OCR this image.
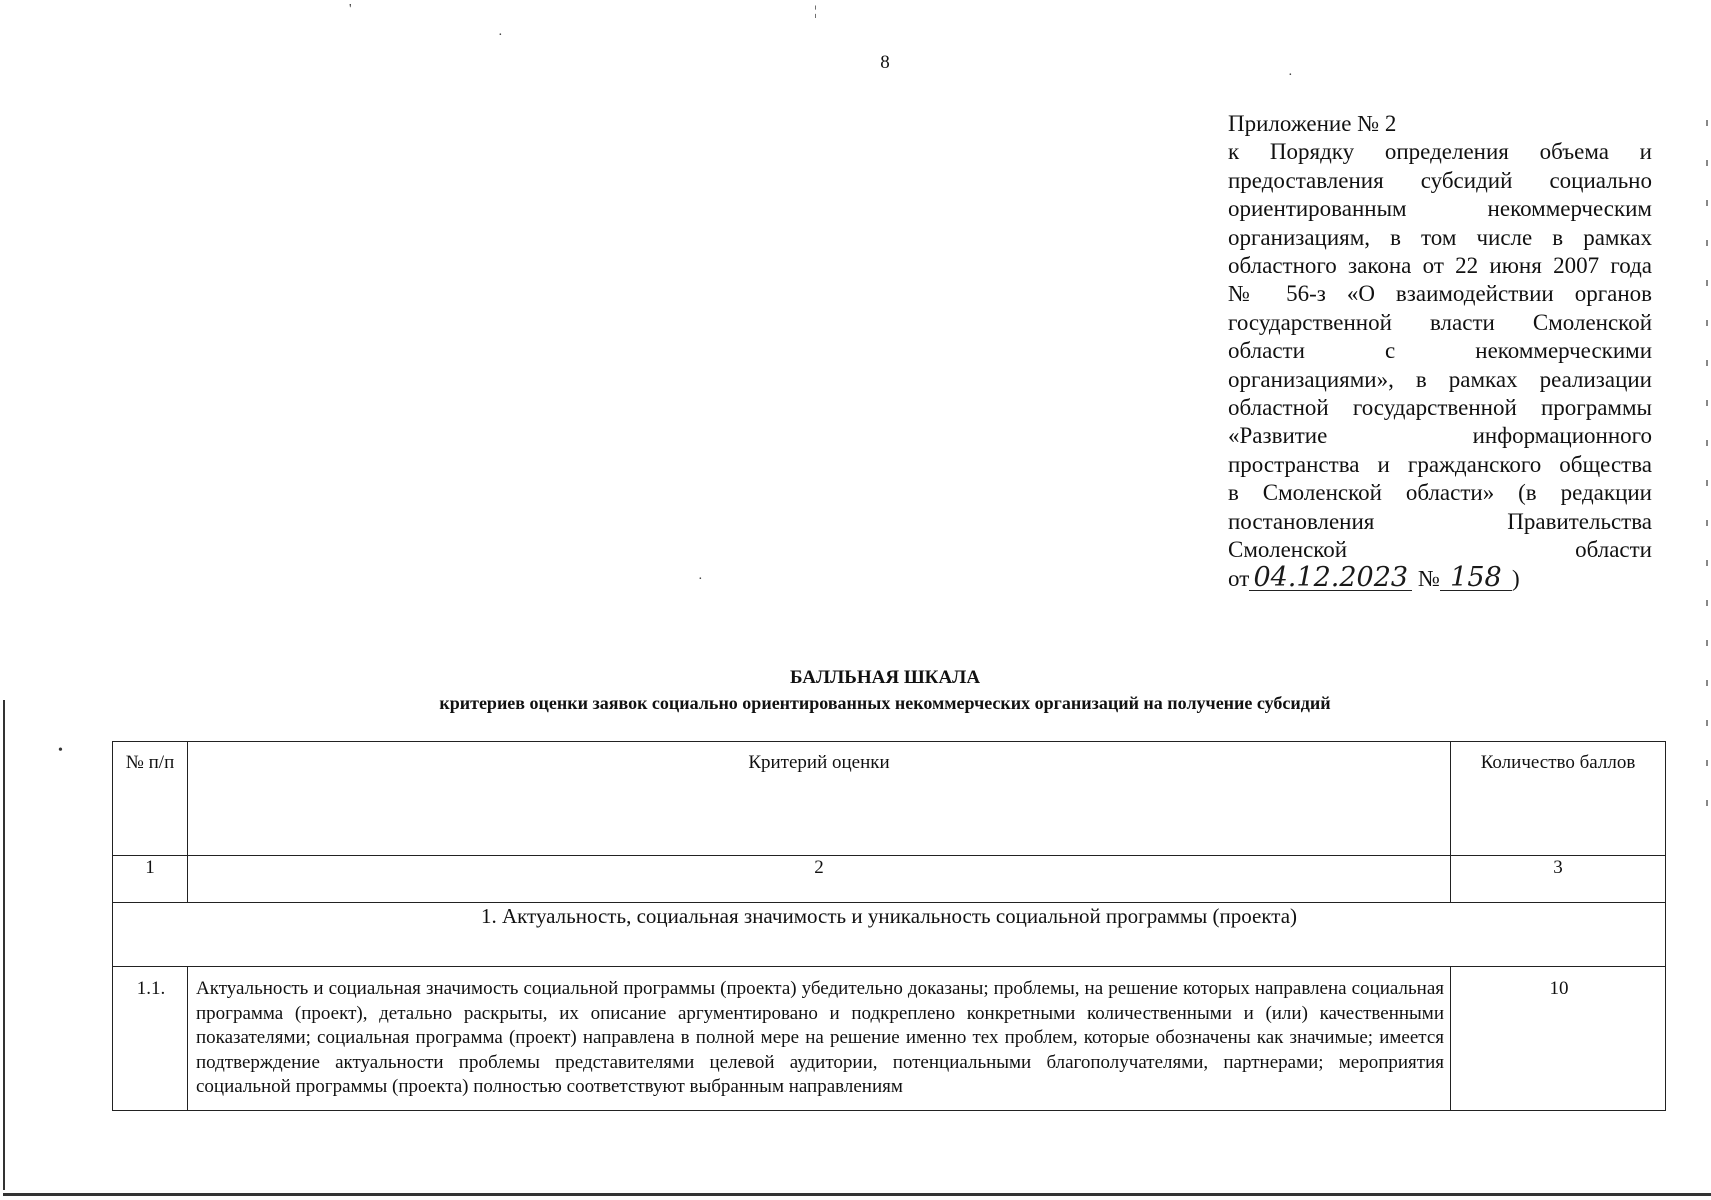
'	¦
·
·
·
•
8
Приложение № 2
к Порядку определения объема и
предоставления субсидий социально
ориентированным некоммерческим
организациям, в том числе в рамках
областного закона от 22 июня 2007 года
№ 56-з «О взаимодействии органов
государственной власти Смоленской
области с некоммерческими
организациями», в рамках реализации
областной государственной программы
«Развитие информационного
пространства и гражданского общества
в Смоленской области» (в редакции
постановления Правительства
Смоленской области
от 04.12.2023 № 158 )
БАЛЛЬНАЯ ШКАЛА
критериев оценки заявок социально ориентированных некоммерческих организаций на получение субсидий
№ п/п	Критерий оценки	Количество баллов
1	2	3
1. Актуальность, социальная значимость и уникальность социальной программы (проекта)		
1.1.	Актуальность и социальная значимость социальной программы (проекта) убедительно доказаны; проблемы, на решение которых направлена социальная программа (проект), детально раскрыты, их описание аргументировано и подкреплено конкретными количественными и (или) качественными показателями; социальная программа (проект) направлена в полной мере на решение именно тех проблем, которые обозначены как значимые; имеется подтверждение актуальности проблемы представителями целевой аудитории, потенциальными благополучателями, партнерами; мероприятия социальной программы (проекта) полностью соответствуют выбранным направлениям	10
